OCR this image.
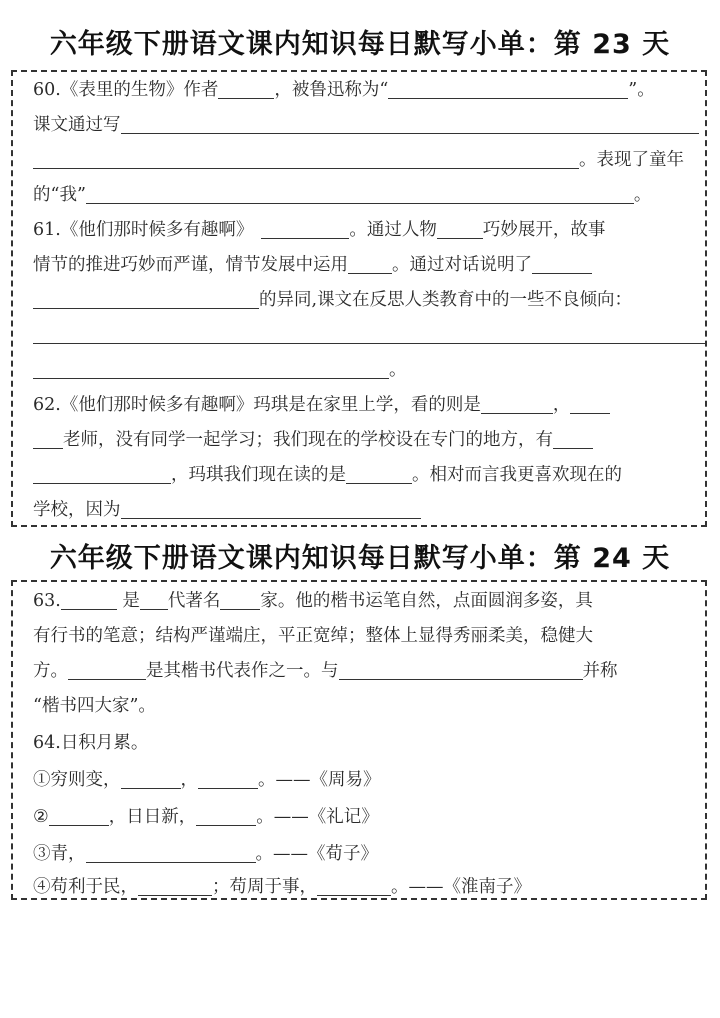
六年级下册语文课内知识每日默写小单：第 23 天
60.《表里的生物》作者	，被鲁迅称为“	”。
课文通过写
。表现了童年
的“我”	。
61.《他们那时候多有趣啊》	。通过人物	巧妙展开，故事
情节的推进巧妙而严谨，情节发展中运用	。通过对话说明了
的异同,课文在反思人类教育中的一些不良倾向：
。
62.《他们那时候多有趣啊》玛琪是在家里上学，看的则是	，
老师，没有同学一起学习；我们现在的学校设在专门的地方，有
，玛琪我们现在读的是	。相对而言我更喜欢现在的
学校，因为
六年级下册语文课内知识每日默写小单：第 24 天
63.	是 代著名 家。他的楷书运笔自然，点面圆润多姿，具
有行书的笔意；结构严谨端庄，平正宽绰；整体上显得秀丽柔美，稳健大
方。	是其楷书代表作之一。与	并称
“楷书四大家”。
64.日积月累。
①穷则变，	，	。——《周易》
②	，日日新，	。——《礼记》
③青，	。——《荀子》
④苟利于民，	；苟周于事，	。——《淮南子》
